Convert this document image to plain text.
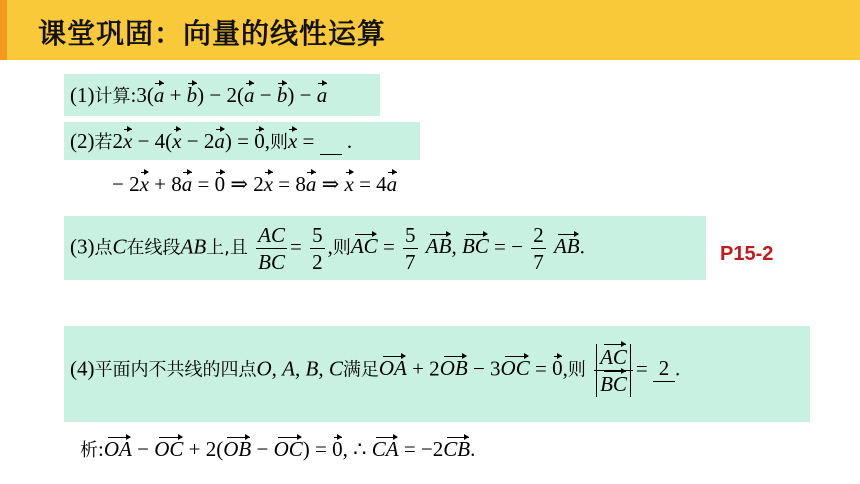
课堂巩固：向量的线性运算
(1)计算:3(a + b) − 2(a − b) − a
(2)若2x − 4(x − 2a) = 0,则x =      .
− 2x + 8a = 0 ⇒ 2x = 8a ⇒ x = 4a
(3)点C在线段AB上,且 $\frac{AC}{BC} = \frac{5}{2}$ ,则AC = $\frac{5}{7}$ AB, BC = − $\frac{2}{7}$ AB.	P15-2
(4)平面内不共线的四点O, A, B, C满足OA + 2OB − 3OC = 0,则 $\frac{AC}{BC} = 2$ .
析:OA − OC + 2(OB − OC) = 0, ∴ CA = −2CB.
